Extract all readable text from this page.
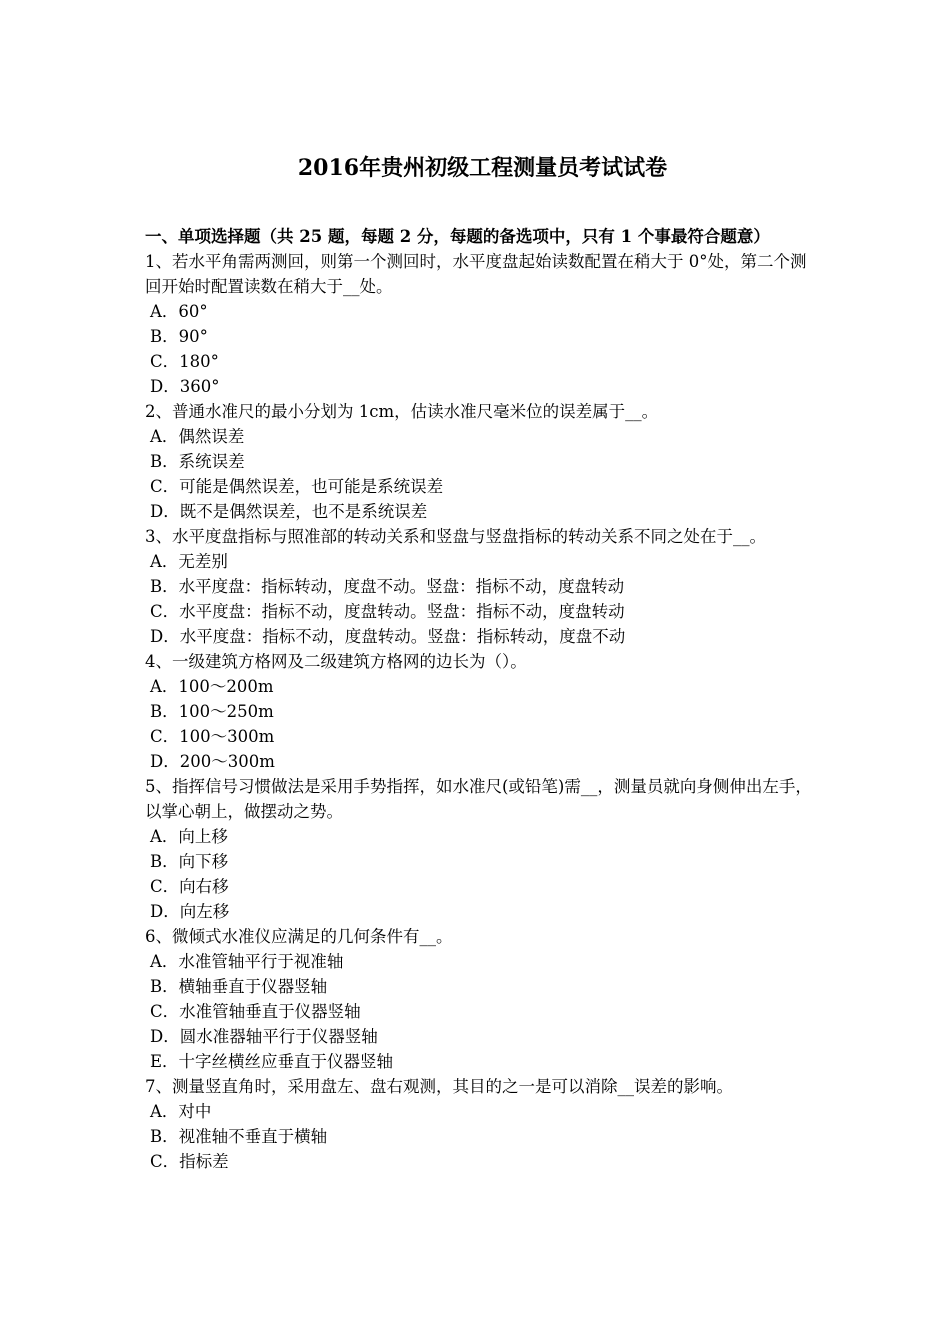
2016年贵州初级工程测量员考试试卷

一、单项选择题（共 25 题，每题 2 分，每题的备选项中，只有 1 个事最符合题意）

1、若水平角需两测回，则第一个测回时，水平度盘起始读数配置在稍大于 0°处，第二个测回开始时配置读数在稍大于__处。

A．60°
B．90°
C．180°
D．360°

2、普通水准尺的最小分划为 1cm，估读水准尺毫米位的误差属于__。

A．偶然误差
B．系统误差
C．可能是偶然误差，也可能是系统误差
D．既不是偶然误差，也不是系统误差

3、水平度盘指标与照准部的转动关系和竖盘与竖盘指标的转动关系不同之处在于__。

A．无差别
B．水平度盘：指标转动，度盘不动。竖盘：指标不动，度盘转动
C．水平度盘：指标不动，度盘转动。竖盘：指标不动，度盘转动
D．水平度盘：指标不动，度盘转动。竖盘：指标转动，度盘不动

4、一级建筑方格网及二级建筑方格网的边长为（）。

A．100～200m
B．100～250m
C．100～300m
D．200～300m

5、指挥信号习惯做法是采用手势指挥，如水准尺(或铅笔)需__，测量员就向身侧伸出左手，以掌心朝上，做摆动之势。

A．向上移
B．向下移
C．向右移
D．向左移

6、微倾式水准仪应满足的几何条件有__。

A．水准管轴平行于视准轴
B．横轴垂直于仪器竖轴
C．水准管轴垂直于仪器竖轴
D．圆水准器轴平行于仪器竖轴
E．十字丝横丝应垂直于仪器竖轴

7、测量竖直角时，采用盘左、盘右观测，其目的之一是可以消除__误差的影响。

A．对中
B．视准轴不垂直于横轴
C．指标差
